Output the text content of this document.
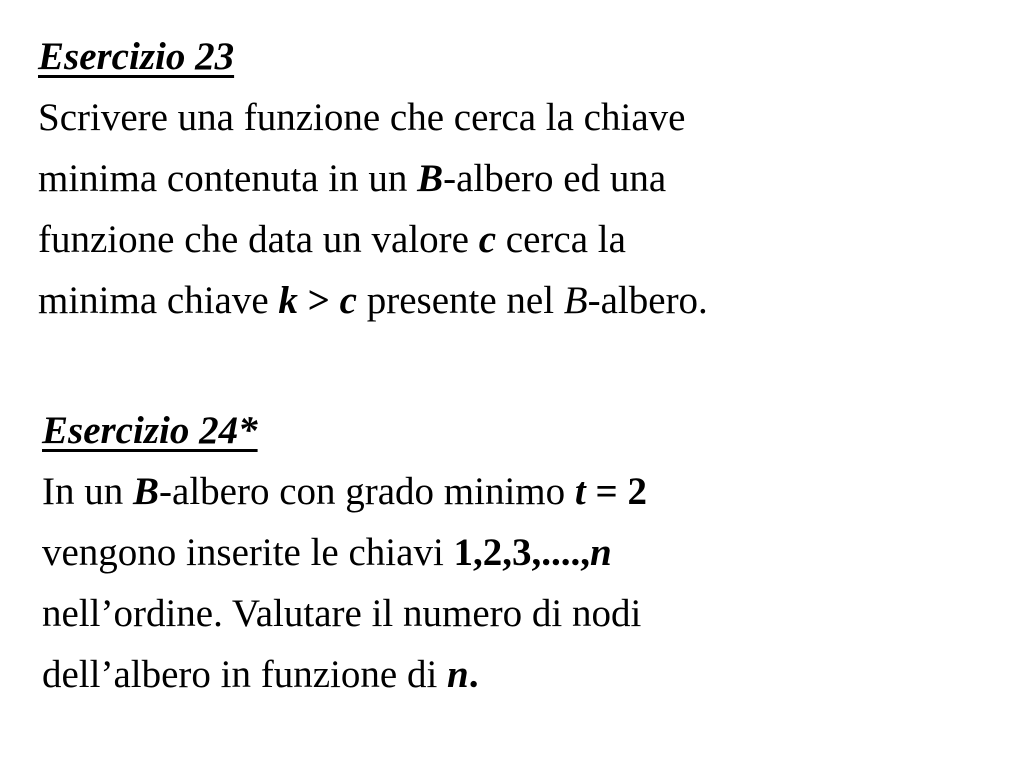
Esercizio 23
Scrivere una funzione che cerca la chiave
minima contenuta in un B-albero ed una
funzione che data un valore c cerca la
minima chiave k > c presente nel B-albero.
Esercizio 24*
In un B-albero con grado minimo t = 2
vengono inserite le chiavi 1,2,3,....,n
nell’ordine. Valutare il numero di nodi
dell’albero in funzione di n.
